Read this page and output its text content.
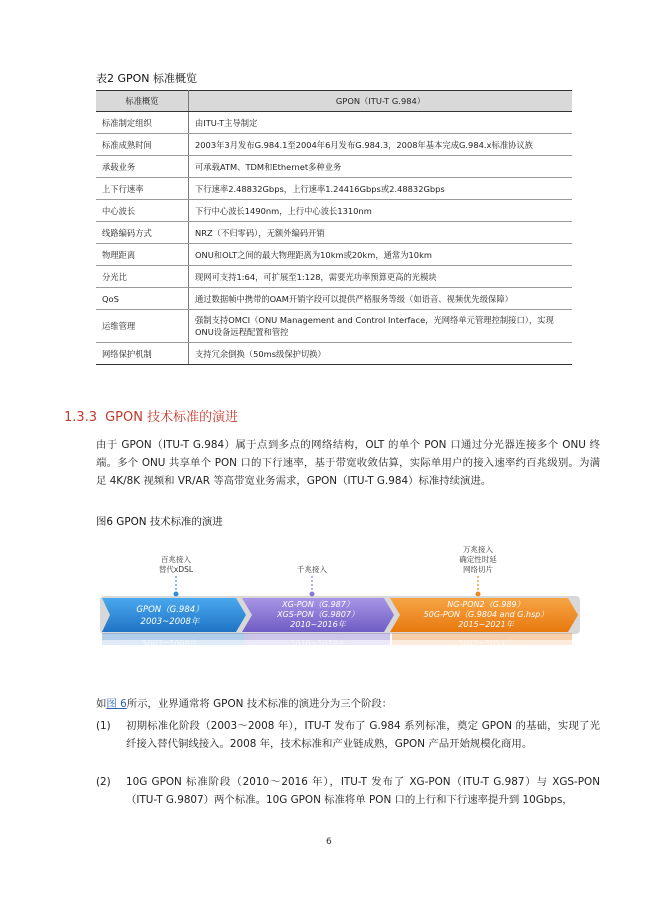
表2 GPON 标准概览
标准概览	GPON（ITU-T G.984）
标准制定组织	由ITU-T主导制定
标准成熟时间	2003年3月发布G.984.1至2004年6月发布G.984.3，2008年基本完成G.984.x标准协议族
承载业务	可承载ATM、TDM和Ethernet多种业务
上下行速率	下行速率2.48832Gbps，上行速率1.24416Gbps或2.48832Gbps
中心波长	下行中心波长1490nm，上行中心波长1310nm
线路编码方式	NRZ（不归零码），无额外编码开销
物理距离	ONU和OLT之间的最大物理距离为10km或20km，通常为10km
分光比	现网可支持1:64，可扩展至1:128，需要光功率预算更高的光模块
QoS	通过数据帧中携带的OAM开销字段可以提供严格服务等级（如语音、视频优先级保障）
运维管理	强制支持OMCI（ONU Management and Control Interface，光网络单元管理控制接口），实现ONU设备远程配置和管控
网络保护机制	支持冗余倒换（50ms级保护切换）
1.3.3 GPON 技术标准的演进
由于 GPON（ITU-T G.984）属于点到多点的网络结构，OLT 的单个 PON 口通过分光器连接多个 ONU 终端。多个 ONU 共享单个 PON 口的下行速率，基于带宽收敛估算，实际单用户的接入速率约百兆级别。为满足 4K/8K 视频和 VR/AR 等高带宽业务需求，GPON（ITU-T G.984）标准持续演进。
图6 GPON 技术标准的演进
GPON（G.984）
2003~2008年
XG-PON（G.987）
XGS-PON（G.9807）
2010~2016年
NG-PON2（G.989）
50G-PON（G.9804 and G.hsp）
2015~2021年
百兆接入
替代xDSL	千兆接入
万兆接入
确定性时延
网络切片
如图 6所示，业界通常将 GPON 技术标准的演进分为三个阶段：
(1) 初期标准化阶段（2003～2008 年），ITU-T 发布了 G.984 系列标准，奠定 GPON 的基础，实现了光纤接入替代铜线接入。2008 年，技术标准和产业链成熟，GPON 产品开始规模化商用。
(2) 10G GPON 标准阶段（2010～2016 年），ITU-T 发布了 XG-PON（ITU-T G.987）与 XGS-PON（ITU-T G.9807）两个标准。10G GPON 标准将单 PON 口的上行和下行速率提升到 10Gbps，
6
